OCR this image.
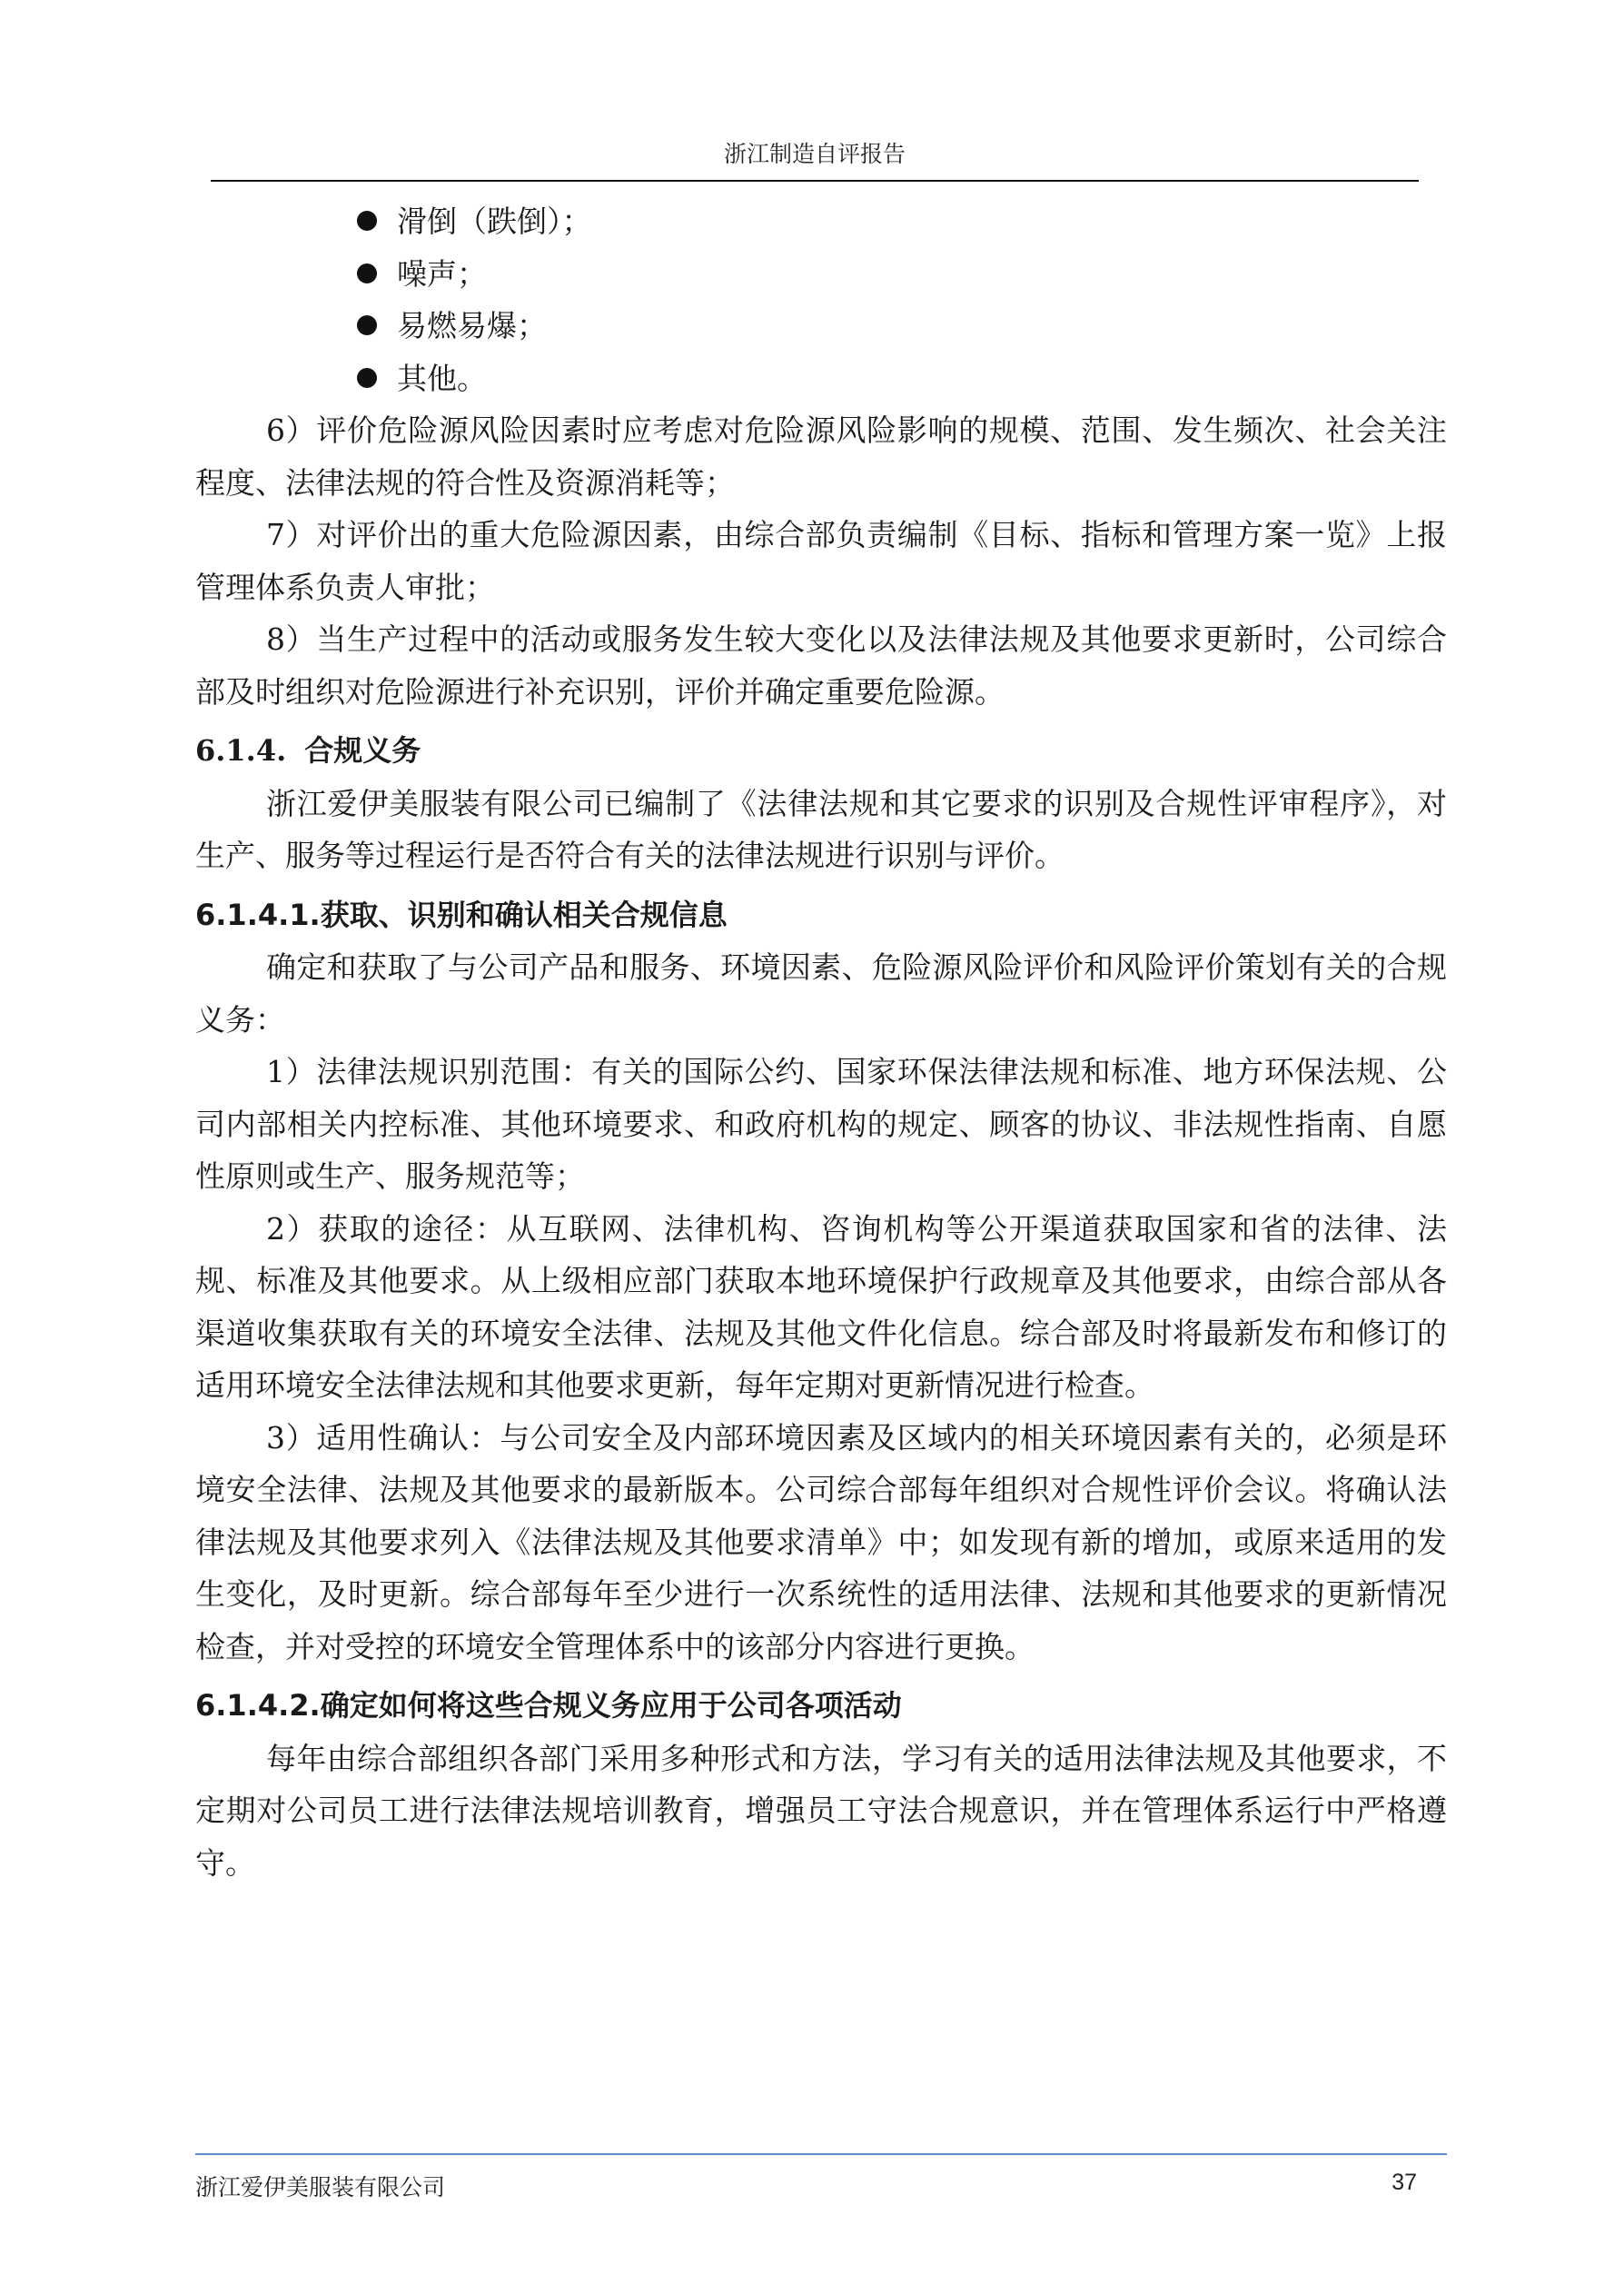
浙江制造自评报告
滑倒（跌倒）；
噪声；
易燃易爆；
其他。

6）评价危险源风险因素时应考虑对危险源风险影响的规模、范围、发生频次、社会关注程度、法律法规的符合性及资源消耗等；

7）对评价出的重大危险源因素，由综合部负责编制《目标、指标和管理方案一览》上报管理体系负责人审批；

8）当生产过程中的活动或服务发生较大变化以及法律法规及其他要求更新时，公司综合部及时组织对危险源进行补充识别，评价并确定重要危险源。

6.1.4. 合规义务

浙江爱伊美服装有限公司已编制了《法律法规和其它要求的识别及合规性评审程序》，对生产、服务等过程运行是否符合有关的法律法规进行识别与评价。

6.1.4.1.获取、识别和确认相关合规信息

确定和获取了与公司产品和服务、环境因素、危险源风险评价和风险评价策划有关的合规义务：

1）法律法规识别范围：有关的国际公约、国家环保法律法规和标准、地方环保法规、公司内部相关内控标准、其他环境要求、和政府机构的规定、顾客的协议、非法规性指南、自愿性原则或生产、服务规范等；

2）获取的途径：从互联网、法律机构、咨询机构等公开渠道获取国家和省的法律、法规、标准及其他要求。从上级相应部门获取本地环境保护行政规章及其他要求，由综合部从各渠道收集获取有关的环境安全法律、法规及其他文件化信息。综合部及时将最新发布和修订的适用环境安全法律法规和其他要求更新，每年定期对更新情况进行检查。

3）适用性确认：与公司安全及内部环境因素及区域内的相关环境因素有关的，必须是环境安全法律、法规及其他要求的最新版本。公司综合部每年组织对合规性评价会议。将确认法律法规及其他要求列入《法律法规及其他要求清单》中；如发现有新的增加，或原来适用的发生变化，及时更新。综合部每年至少进行一次系统性的适用法律、法规和其他要求的更新情况检查，并对受控的环境安全管理体系中的该部分内容进行更换。

6.1.4.2.确定如何将这些合规义务应用于公司各项活动

每年由综合部组织各部门采用多种形式和方法，学习有关的适用法律法规及其他要求，不定期对公司员工进行法律法规培训教育，增强员工守法合规意识，并在管理体系运行中严格遵守。

浙江爱伊美服装有限公司	37
